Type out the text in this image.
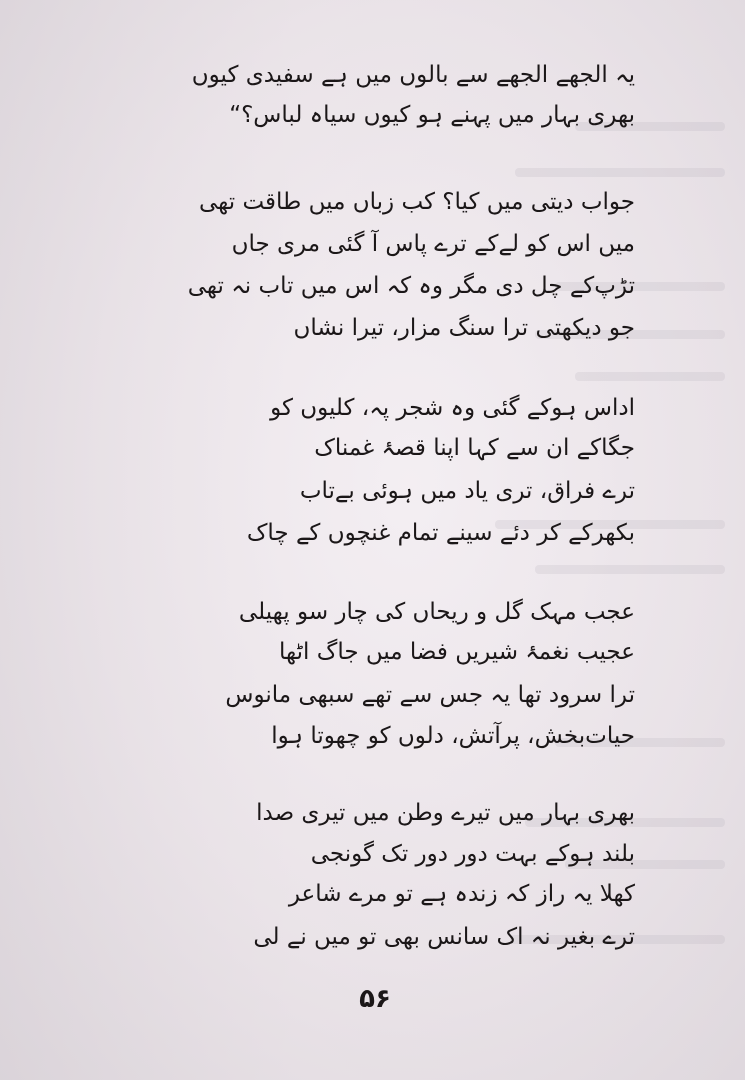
یہ الجھے الجھے سے بالوں میں ہے سفیدی کیوں
بھری بہار میں پہنے ہو کیوں سیاہ لباس؟“
جواب دیتی میں کیا؟ کب زباں میں طاقت تھی
میں اس کو لےکے ترے پاس آ گئی مری جاں
تڑپ‌کے چل دی مگر وہ کہ اس میں تاب نہ تھی
جو دیکھتی ترا سنگ مزار، تیرا نشاں
اداس ہوکے گئی وہ شجر پہ، کلیوں کو
جگاکے ان سے کہا اپنا قصۂ غمناک
ترے فراق، تری یاد میں ہوئی بےتاب
بکھرکے کر دئے سینے تمام غنچوں کے چاک
عجب مہک گل و ریحاں کی چار سو پھیلی
عجیب نغمۂ شیریں فضا میں جاگ اٹھا
ترا سرود تھا یہ جس سے تھے سبھی مانوس
حیات‌بخش، پرآتش، دلوں کو چھوتا ہوا
بھری بہار میں تیرے وطن میں تیری صدا
بلند ہوکے بہت دور دور تک گونجی
کھلا یہ راز کہ زندہ ہے تو مرے شاعر
ترے بغیر نہ اک سانس بھی تو میں نے لی
۵۶
